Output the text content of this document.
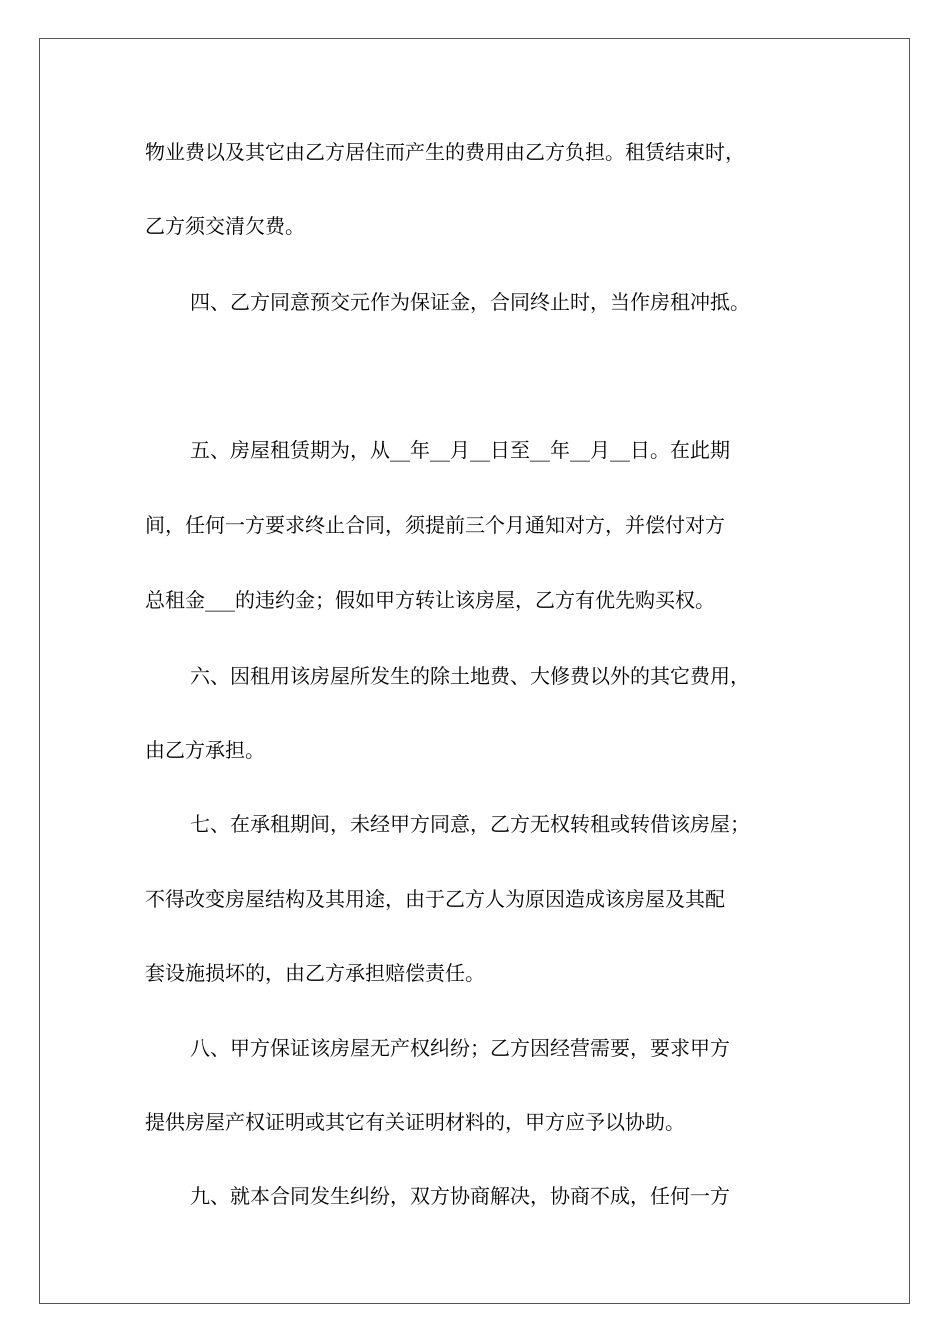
物业费以及其它由乙方居住而产生的费用由乙方负担。租赁结束时，
乙方须交清欠费。
四、乙方同意预交元作为保证金，合同终止时，当作房租冲抵。
五、房屋租赁期为，从__年__月__日至__年__月__日。在此期
间，任何一方要求终止合同，须提前三个月通知对方，并偿付对方
总租金___的违约金；假如甲方转让该房屋，乙方有优先购买权。
六、因租用该房屋所发生的除土地费、大修费以外的其它费用，
由乙方承担。
七、在承租期间，未经甲方同意，乙方无权转租或转借该房屋；
不得改变房屋结构及其用途，由于乙方人为原因造成该房屋及其配
套设施损坏的，由乙方承担赔偿责任。
八、甲方保证该房屋无产权纠纷；乙方因经营需要，要求甲方
提供房屋产权证明或其它有关证明材料的，甲方应予以协助。
九、就本合同发生纠纷，双方协商解决，协商不成，任何一方
